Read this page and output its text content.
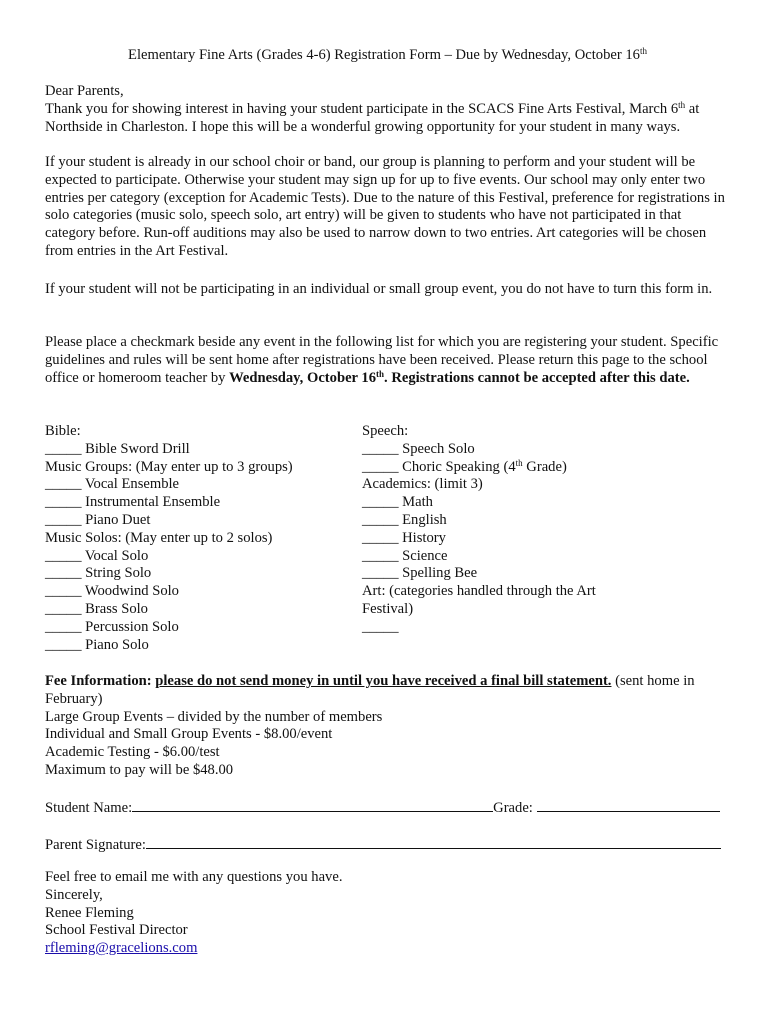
Elementary Fine Arts (Grades 4-6) Registration Form – Due by Wednesday, October 16th
Dear Parents,

Thank you for showing interest in having your student participate in the SCACS Fine Arts Festival, March 6th at Northside in Charleston. I hope this will be a wonderful growing opportunity for your student in many ways.

If your student is already in our school choir or band, our group is planning to perform and your student will be expected to participate. Otherwise your student may sign up for up to five events. Our school may only enter two entries per category (exception for Academic Tests). Due to the nature of this Festival, preference for registrations in solo categories (music solo, speech solo, art entry) will be given to students who have not participated in that category before. Run-off auditions may also be used to narrow down to two entries. Art categories will be chosen from entries in the Art Festival.

If your student will not be participating in an individual or small group event, you do not have to turn this form in.

Please place a checkmark beside any event in the following list for which you are registering your student. Specific guidelines and rules will be sent home after registrations have been received. Please return this page to the school office or homeroom teacher by Wednesday, October 16th. Registrations cannot be accepted after this date.

Fee Information: please do not send money in until you have received a final bill statement. (sent home in February)
Large Group Events – divided by the number of members
Individual and Small Group Events - $8.00/event
Academic Testing - $6.00/test
Maximum to pay will be $48.00
Student Name:	Grade:
Parent Signature:
Feel free to email me with any questions you have.
Sincerely,
Renee Fleming
School Festival Director
rfleming@gracelions.com
Bible:
_____ Bible Sword Drill
Music Groups: (May enter up to 3 groups)
_____ Vocal Ensemble
_____ Instrumental Ensemble
_____ Piano Duet
Music Solos: (May enter up to 2 solos)
_____ Vocal Solo
_____ String Solo
_____ Woodwind Solo
_____ Brass Solo
_____ Percussion Solo
_____ Piano Solo
Speech:
_____ Speech Solo
_____ Choric Speaking (4th Grade)
Academics: (limit 3)
_____ Math
_____ English
_____ History
_____ Science
_____ Spelling Bee
Art: (categories handled through the Art
Festival)
_____
